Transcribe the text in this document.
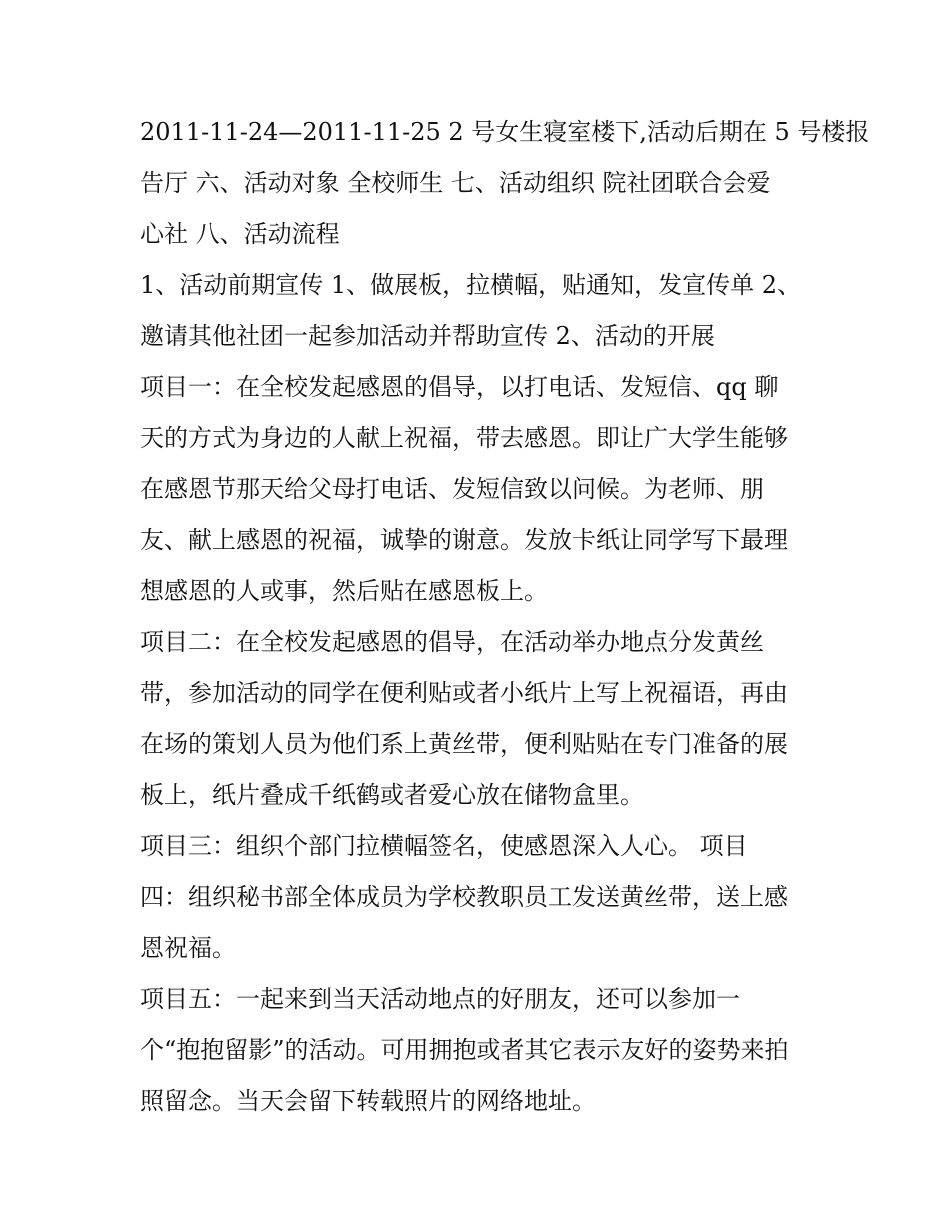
2011-11-24—2011-11-25 2 号女生寝室楼下,活动后期在 5 号楼报
告厅 六、活动对象 全校师生 七、活动组织 院社团联合会爱
心社 八、活动流程
1、活动前期宣传 1、做展板，拉横幅，贴通知，发宣传单 2、
邀请其他社团一起参加活动并帮助宣传 2、活动的开展
项目一：在全校发起感恩的倡导，以打电话、发短信、qq 聊
天的方式为身边的人献上祝福，带去感恩。即让广大学生能够
在感恩节那天给父母打电话、发短信致以问候。为老师、朋
友、献上感恩的祝福，诚挚的谢意。发放卡纸让同学写下最理
想感恩的人或事，然后贴在感恩板上。
项目二：在全校发起感恩的倡导，在活动举办地点分发黄丝
带，参加活动的同学在便利贴或者小纸片上写上祝福语，再由
在场的策划人员为他们系上黄丝带，便利贴贴在专门准备的展
板上，纸片叠成千纸鹤或者爱心放在储物盒里。
项目三：组织个部门拉横幅签名，使感恩深入人心。 项目
四：组织秘书部全体成员为学校教职员工发送黄丝带，送上感
恩祝福。
项目五：一起来到当天活动地点的好朋友，还可以参加一
个“抱抱留影”的活动。可用拥抱或者其它表示友好的姿势来拍
照留念。当天会留下转载照片的网络地址。
